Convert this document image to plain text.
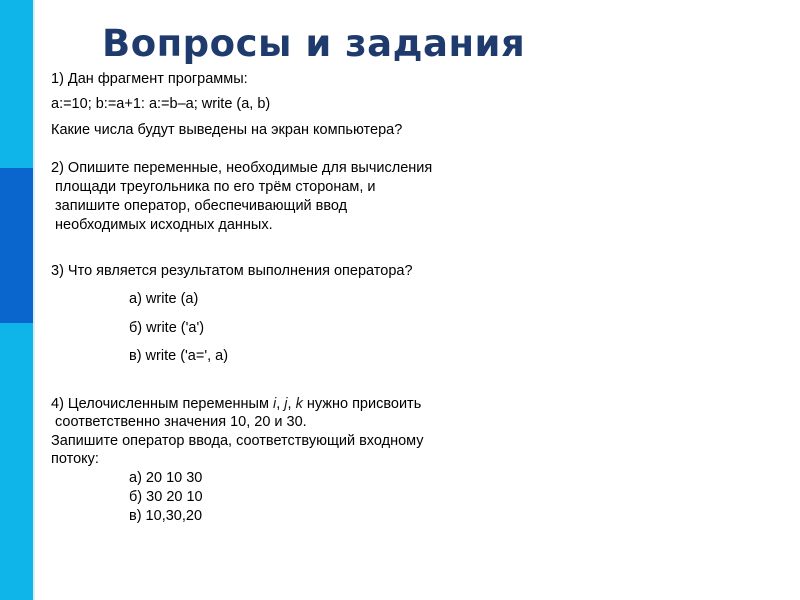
Вопросы и задания

1) Дан фрагмент программы:

a:=10; b:=a+1: a:=b–a; write (a, b)

Какие числа будут выведены на экран компьютера?

2) Опишите переменные, необходимые для вычисления

площади треугольника по его трём сторонам, и

запишите оператор, обеспечивающий ввод

необходимых исходных данных.

3) Что является результатом выполнения оператора?

а) write (a)

б) write ('a')

в) write ('a=', a)

4) Целочисленным переменным i, j, k нужно присвоить

соответственно значения 10, 20 и 30.

Запишите оператор ввода, соответствующий входному

потоку:

а) 20 10 30

б) 30 20 10

в) 10,30,20
